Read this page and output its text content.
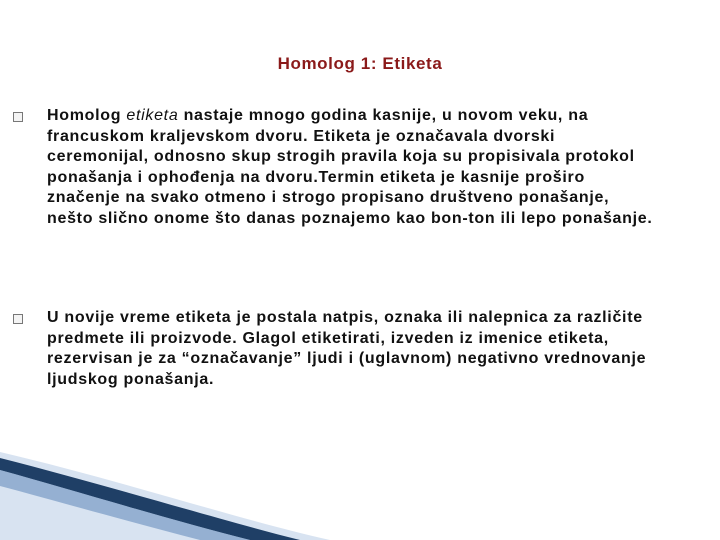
Homolog 1: Etiketa
Homolog etiketa nastaje mnogo godina kasnije, u novom veku, na francuskom kraljevskom dvoru. Etiketa je označavala dvorski ceremonijal, odnosno skup strogih pravila koja su propisivala protokol ponašanja i ophođenja na dvoru.Termin etiketa je kasnije proširo značenje na svako otmeno i strogo propisano društveno ponašanje, nešto slično onome što danas poznajemo kao bon-ton ili lepo ponašanje.
U novije vreme etiketa je postala natpis, oznaka ili nalepnica za različite predmete ili proizvode. Glagol etiketirati, izveden iz imenice etiketa, rezervisan je za “označavanje” ljudi i (uglavnom) negativno vrednovanje ljudskog ponašanja.
